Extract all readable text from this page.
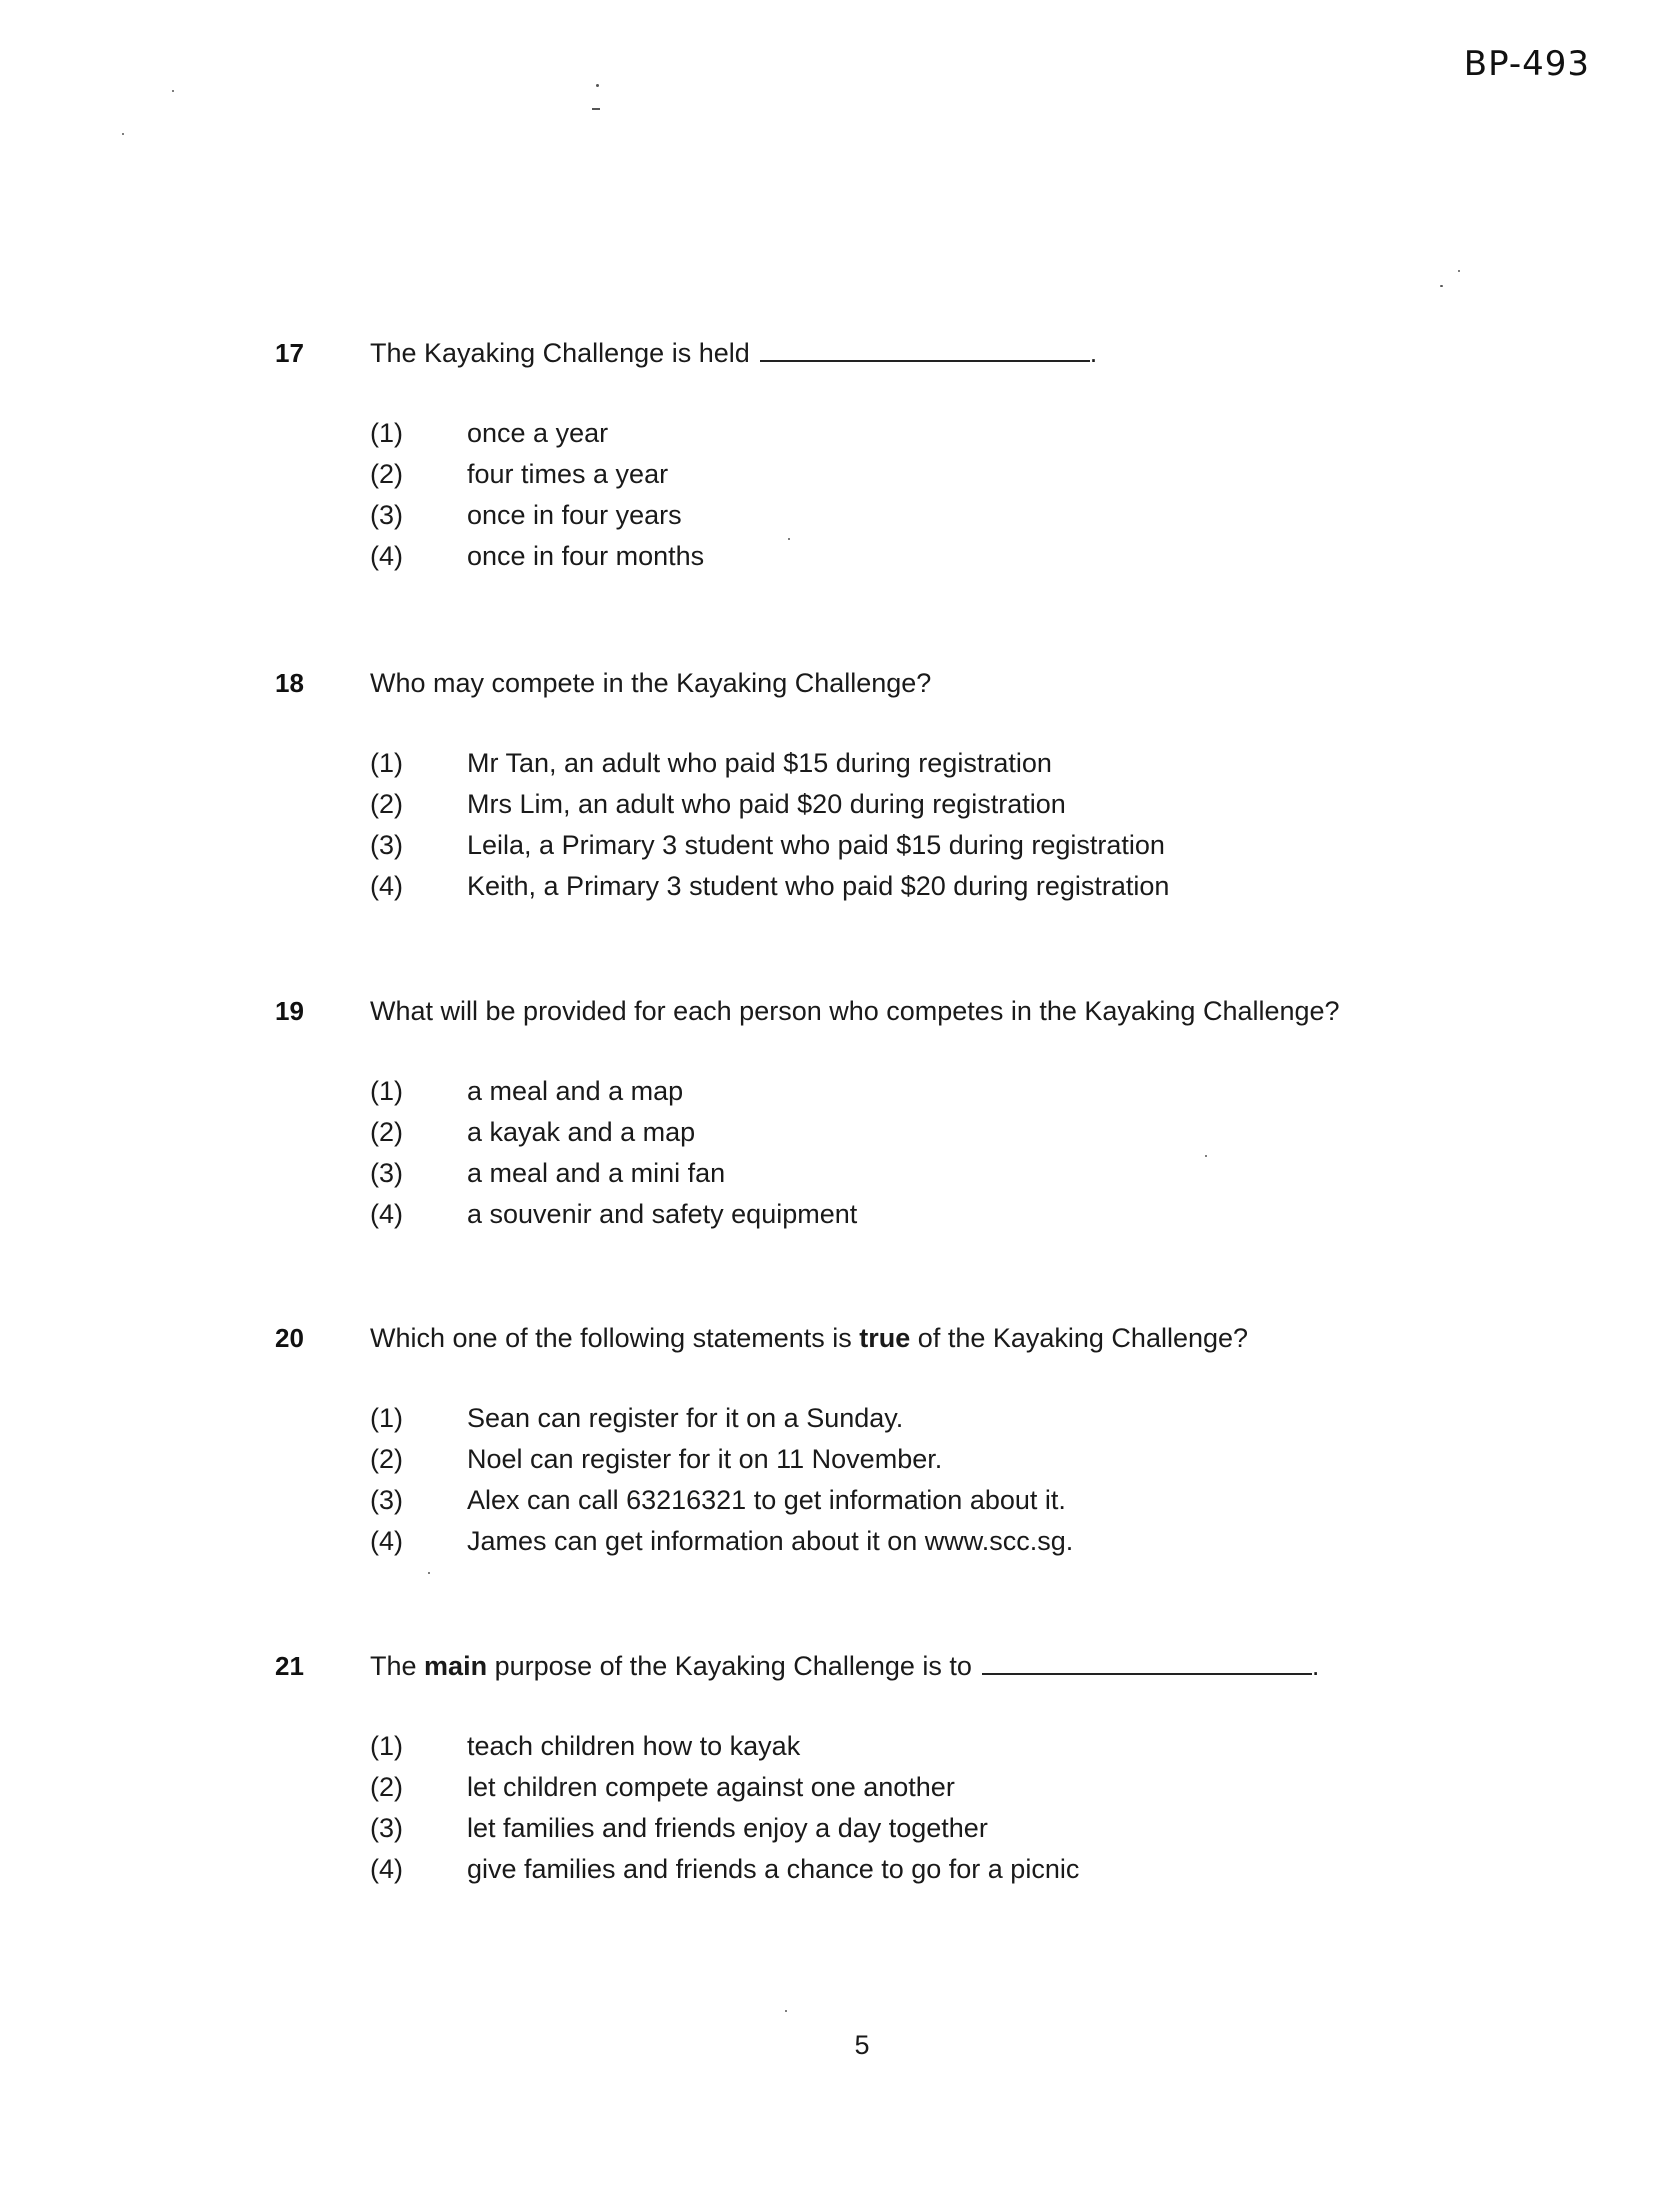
BP-493
17 The Kayaking Challenge is held	.
(1)	once a year
(2)	four times a year
(3)	once in four years
(4)	once in four months
18 Who may compete in the Kayaking Challenge?
(1)	Mr Tan, an adult who paid $15 during registration
(2)	Mrs Lim, an adult who paid $20 during registration
(3)	Leila, a Primary 3 student who paid $15 during registration
(4)	Keith, a Primary 3 student who paid $20 during registration
19 What will be provided for each person who competes in the Kayaking Challenge?
(1)	a meal and a map
(2)	a kayak and a map
(3)	a meal and a mini fan
(4)	a souvenir and safety equipment
20 Which one of the following statements is true of the Kayaking Challenge?
(1)	Sean can register for it on a Sunday.
(2)	Noel can register for it on 11 November.
(3)	Alex can call 63216321 to get information about it.
(4)	James can get information about it on www.scc.sg.
21 The main purpose of the Kayaking Challenge is to	.
(1)	teach children how to kayak
(2)	let children compete against one another
(3)	let families and friends enjoy a day together
(4)	give families and friends a chance to go for a picnic
5
